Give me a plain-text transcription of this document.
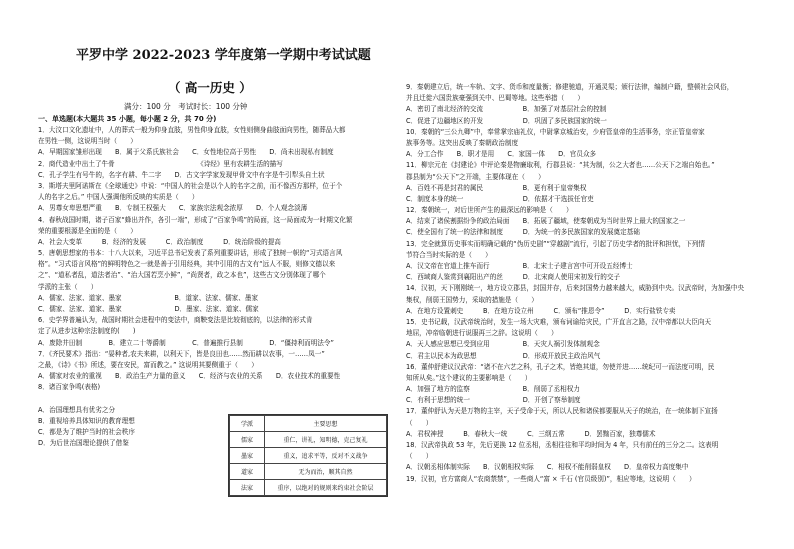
平罗中学 2022-2023 学年度第一学期中考试试题
（ 高一历史 ）
满分：100 分　考试时长：100 分钟
一、单选题(本大题共 35 小题，每小题 2 分，共 70 分)
1．大汶口文化遗址中，人的葬式一般为仰身直肢，男性仰身直肢，女性则侧身曲肢面向男性，随葬品大都
在男性一侧，这说明当时（　　）
A．早期国家雏形出现　　B．属于父系氏族社会　　C．女性地位高于男性　　D．尚未出现私有制度
2．商代造业中出土了牛骨　　　　　　　　　　　　　《诗经》里有农耕生活的描写
C．孔子学生有号牛的，名字有耕、牛二字　　D．古文字学家发现甲骨文中有字是牛引犁头自土状
3．斯塔夫里阿诺斯在《全球通史》中说：“中国人的社会是以个人的名字之前，而不像西方那样，位于个
人的名字之后。” 中国人强调他所反映的实质是（　　）
A．男尊女卑思想严重　　B．专制王权强大　　C．家族宗法观念浓厚　　D．个人观念淡薄
4．春秋战国时期，诸子百家“蜂出并作，各引一端”，形成了“百家争鸣”的局面，这一局面成为一时期文化繁
荣的重要根源是全面的是（　　）
A．社会大变革　　　B．经济的发展　　　C．政治制度　　　D．统治阶级的提高
5．唐朝思想家的书本：十八大以来，习近平总书记发表了系列重要讲话，形成了独树一帜的“习式语言风
格”。“习式语言风格”的鲜明特色之一就是善于引用经典，其中引用的古文有“远人不服，则修文德以来
之”、“道私者乱，道法者治”、“治大国若烹小鲜”，“尚贤者，政之本也”，这些古文分别体现了哪个
学派的主张（　　）
A．儒家、法家、道家、墨家　　　　　　　　B．道家、法家、儒家、墨家
C．儒家、法家、道家、墨家　　　　　　　　D．墨家、法家、道家、儒家
6．史学界普遍认为，战国时期社会进程中的变法中，商鞅变法是比较彻底的，以法律的形式肯
定了从进步这种宗法制度的(　　)
A．废除井田制　　　　B．建立二十等爵制　　　　C．普遍推行县制　　　　D．“僵持利而明法令”
7．《齐民要术》指出：“晏种者,农夫来耕，以利天下，皆是良田也……然而耕以农事，一……凤一”
之最，《诗》《书》所述，要在安民，富而教之。” 这说明其要侧重于（　　）
A．儒家对农业的重视　　B．政治生产力量的意义　　C．经济与农业的关系　　D．农业技术的重要性
8．诸百家争鸣(表格)

A．治国理想具有优劣之分
B．重视培养具体知识的教育理想
C．都是为了维护当时的社会秩序
D．为后世治国理论提供了借鉴
学派	主要思想
儒家	重仁，讲礼，知明德，克己复礼
墨家	重义，追求平等，反对不义战争
道家	无为而治，顺其自然
法家	重序，以绝对的规则来约束社会阶层
9．秦朝建立后，统一车轨、文字、货币和度量衡；修建驰道，开通灵渠；颁行法律，编制户籍，整顿社会风俗，
并且迁徙六国贵族豪强到关中、巴蜀等地。这些举措（　　）
A．密切了南北经济的交流　　　　　　B．加强了对基层社会的控制
C．促进了边疆地区的开发　　　　　　D．巩固了多民族国家的统一
10．秦朝的“三公九卿”中，奉常掌宗庙礼仪，中尉掌京城治安，少府管皇帝的生活事务，宗正管皇帝家
族事务等。这突出反映了秦朝政治制度
A．分工合作　　B．职才是用　　C．家国一体　　D．官员众多
11．柳宗元在《封建论》中评论秦是物廉取利，行郡县说：“其为制，公之大者也……公天下之端自始也。”
郡县制为“公天下”之开端，主要体现在（　　）
A．百姓不再是封君的属民　　　　　　B．更有利于皇帝集权
C．制度本身的统一　　　　　　　　　D．依据才干选拔任官吏
12．秦朝统一，对后世所产生的最深远的影响是（　　）
A．结束了诸侯割据纷争的政治局面　　B．拓展了疆域，使秦朝成为当时世界上最大的国家之一
C．使全国有了统一的法律和制度　　　D．为统一的多民族国家的发展奠定基础
13．完全就算历史事实而明确记载的“伪历史剧”“穿越剧”流行，引起了历史学者的批评和担忧，下列情
节符合当时实际的是（　　）
A．汉文帝在官道上推车而行　　　　　B．北宋士子建言宫中可开设五经博士
C．西域商人鉴赏到襄阳出产的丝　　　D．北宋商人使用宋初发行的交子
14．汉初，天下刚刚统一，地方设立郡县，封国并存，后来封国势力越来越大，威胁到中央。汉武帝时，为加强中央
集权，削弱王国势力，采取的措施是（　　）
A．在地方设置刺史　　　B．在地方设立州　　　C．颁布“推恩令”　　　D．实行盐铁专卖
15．史书记载，汉武帝统治时，发生一场大灾难，颁布词谕给灾民，广开直言之路，汉中帝都以大臣向天
地屈，冲帝临朝进行说服再三之辞。这说明（　　）
A．天人感应思想已受到应用　　　　　B．天灾人祸引发体制观念
C．君主以民本为政思想　　　　　　　D．形成开放民主政治风气
16．董仲舒建议汉武帝：“诸不在六艺之科，孔子之术，皆绝其道，勿使并进……统纪可一而法度可明，民
知所从矣。”这个建议的主要影响是（　　）
A．加强了地方的监察　　　　　　　　B．削弱了丞相权力
C．有利于思想的统一　　　　　　　　D．开创了察举制度
17．董仲舒认为天是万物的主宰，天子受命于天，所以人民和诸侯都要服从天子的统治，在一统体制下宣扬
（　　）
A．君权神授　　　B．春秋大一统　　　C．三纲五常　　　D．罢黜百家，独尊儒术
18．汉武帝执政 53 年，先后更换 12 位丞相，丞相往往和平均时间为 4 年，只有前任的三分之二。这表明
（　　）
A．汉朝丞相体制实际　　B．汉朝相权实际　　C．相权不能削弱皇权　　D．皇帝权力高度集中
19．汉初，官方富商人“农商禁禁”，一些商人“富 × 千石 (官员级别)”，相应等地，这说明（　　）
